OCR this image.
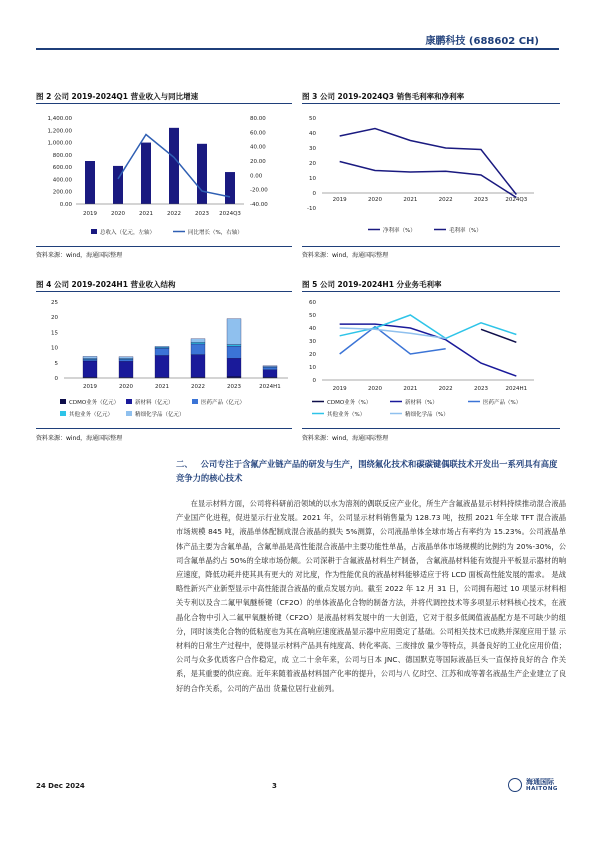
康鹏科技 (688602 CH)
图 2 公司 2019-2024Q1 营业收入与同比增速
0.00
200.00
400.00
600.00
800.00
1,000.00
1,200.00
1,400.00
-40.00
-20.00
0.00
20.00
40.00
60.00
80.00
2019	2020	2021	2022	2023 2024Q3
总收入（亿元，左轴）	同比增长（%，右轴）
资料来源：wind，海通国际整理
图 3 公司 2019-2024Q3 销售毛利率和净利率
-10
0
10
20
30
40
50
2019	2020	2021	2022	2023	2024Q3
净利率（%）	毛利率（%）
资料来源：wind，海通国际整理
图 4 公司 2019-2024H1 营业收入结构
0
5
10
15
20
25
2019	2020	2021	2022	2023	2024H1
CDMO业务（亿元）	新材料（亿元）	医药产品（亿元）
其他业务（亿元）	精细化学品（亿元）
资料来源：wind，海通国际整理
图 5 公司 2019-2024H1 分业务毛利率
0
10
20
30
40
50
60
2019	2020	2021	2022	2023	2024H1
CDMO业务（%）	新材料（%）	医药产品（%）
其他业务（%）	精细化学品（%）
资料来源：wind，海通国际整理
二、 公司专注于含氟产业链产品的研发与生产，围绕氟化技术和碳碳键偶联技术开发出一系列具有高度竞争力的核心技术
在显示材料方面，公司将科研前沿领域的以水为溶剂的偶联反应产业化，所生产含氟液晶显示材料持续推动混合液晶产业国产化进程，促进显示行业发展。2021 年，公司显示材料销售量为 128.73 吨，按照 2021 年全球 TFT 混合液晶 市场规模 845 吨，液晶单体配制成混合液晶的损失 5%测算，公司液晶单体全球市场占有率约为 15.23%。公司液晶单体产品主要为含氟单晶，含氟单晶是高性能混合液晶中主要功能性单晶，占液晶单体市场规模的比例约为 20%-30%，公司含氟单晶约占 50%的全球市场份额。公司深耕于含氟液晶材料生产制备， 含氟液晶材料能有效提升平板显示器材的响应速度，降低功耗并使其具有更大的 对比度，作为性能优良的液晶材料能够适应于将 LCD 面板高性能发展的需求。 是战略性新兴产业新型显示中高性能混合液晶的重点发展方向。截至 2022 年 12 月 31 日，公司拥有超过 10 项显示材料相关专利以及含二氟甲氧醚桥键（CF2O）的单体液晶化合物的制备方法，并将代调控技术等多项显示材料核心技术，在液 晶化合物中引入二氟甲氧醚桥键（CF2O）是液晶材料发展中的一大创造，它对于很多低阈值液晶配方是不可缺少的组分，同时该类化合物的低粘度也为其在高响应速度液晶显示器中应用奠定了基础。公司相关技术已成熟并深度应用于显 示材料的日常生产过程中，使得显示材料产品具有纯度高、转化率高、三废排放 量少等特点，具备良好的工业化应用价值；公司与众多优质客户合作稳定，成 立二十余年来，公司与日本 JNC、德国默克等国际液晶巨头一直保持良好的合 作关系，是其重要的供应商。近年来随着液晶材料国产化率的提升，公司与八 亿时空、江苏和成等著名液晶生产企业建立了良好的合作关系，公司的产品出 货量位居行业前列。
24 Dec 2024	3	海通国际
HAITONG
